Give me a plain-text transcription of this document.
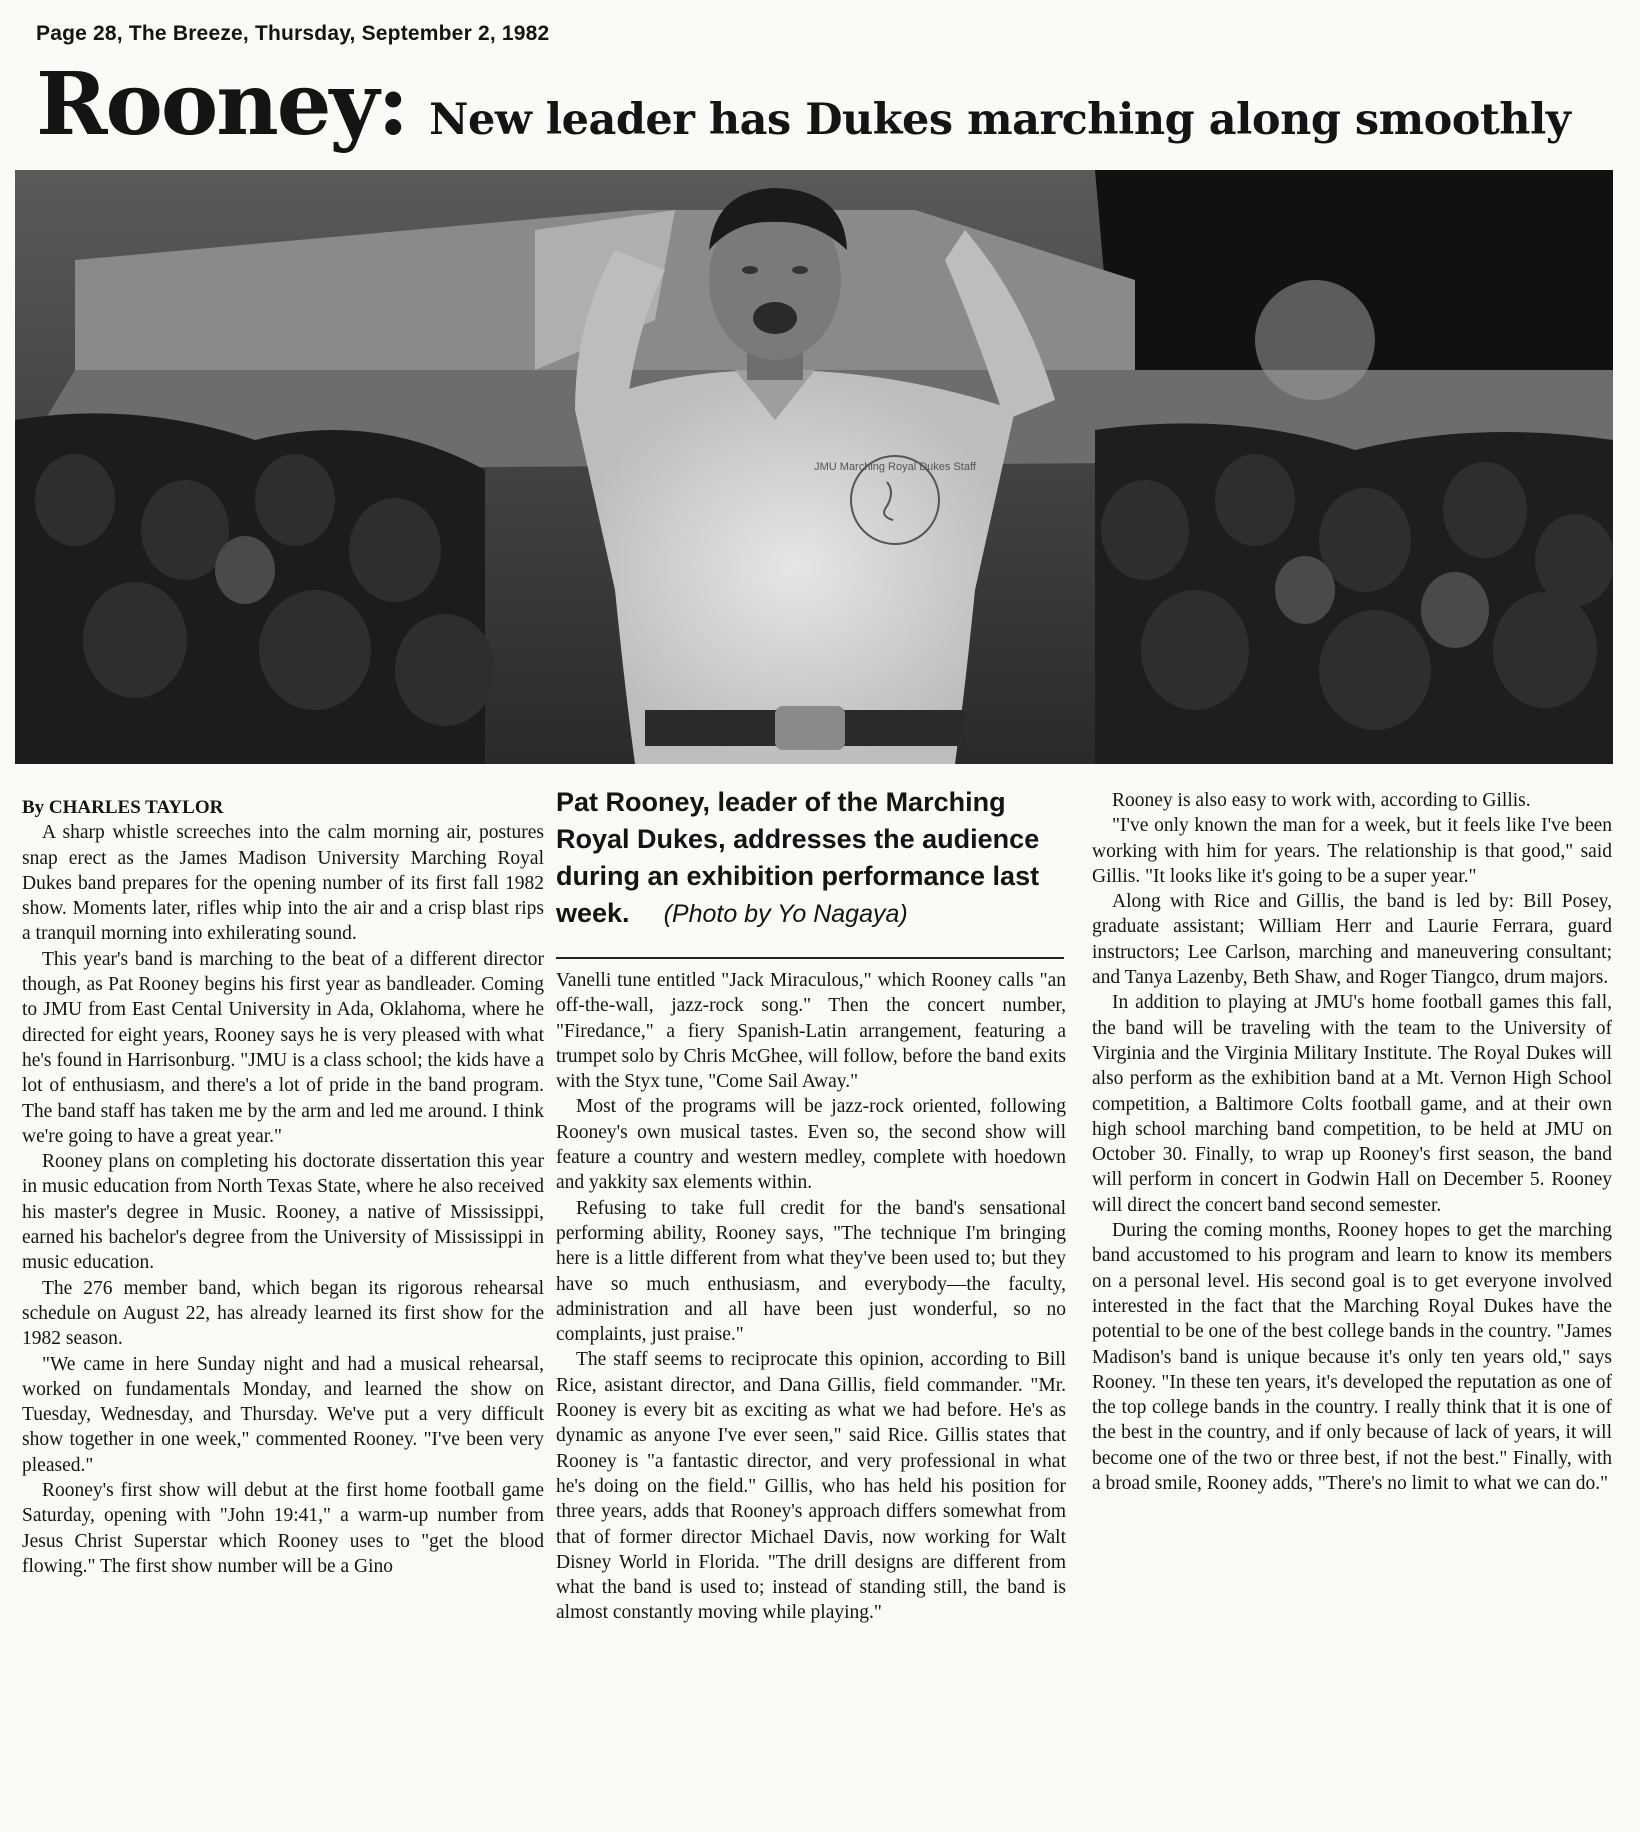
Page 28, The Breeze, Thursday, September 2, 1982
Rooney: New leader has Dukes marching along smoothly
JMU Marching Royal Dukes Staff

By CHARLES TAYLOR

A sharp whistle screeches into the calm morning air, postures snap erect as the James Madison University Marching Royal Dukes band prepares for the opening number of its first fall 1982 show. Moments later, rifles whip into the air and a crisp blast rips a tranquil morning into exhilerating sound.

This year's band is marching to the beat of a different director though, as Pat Rooney begins his first year as bandleader. Coming to JMU from East Cental University in Ada, Oklahoma, where he directed for eight years, Rooney says he is very pleased with what he's found in Harrisonburg. "JMU is a class school; the kids have a lot of enthusiasm, and there's a lot of pride in the band program. The band staff has taken me by the arm and led me around. I think we're going to have a great year."

Rooney plans on completing his doctorate dissertation this year in music education from North Texas State, where he also received his master's degree in Music. Rooney, a native of Mississippi, earned his bachelor's degree from the University of Mississippi in music education.

The 276 member band, which began its rigorous rehearsal schedule on August 22, has already learned its first show for the 1982 season.

"We came in here Sunday night and had a musical rehearsal, worked on fundamentals Monday, and learned the show on Tuesday, Wednesday, and Thursday. We've put a very difficult show together in one week," commented Rooney. "I've been very pleased."

Rooney's first show will debut at the first home football game Saturday, opening with "John 19:41," a warm-up number from Jesus Christ Superstar which Rooney uses to "get the blood flowing." The first show number will be a Gino

Pat Rooney, leader of the Marching Royal Dukes, addresses the audience during an exhibition performance last week. (Photo by Yo Nagaya)

Vanelli tune entitled "Jack Miraculous," which Rooney calls "an off-the-wall, jazz-rock song." Then the concert number, "Firedance," a fiery Spanish-Latin arrangement, featuring a trumpet solo by Chris McGhee, will follow, before the band exits with the Styx tune, "Come Sail Away."

Most of the programs will be jazz-rock oriented, following Rooney's own musical tastes. Even so, the second show will feature a country and western medley, complete with hoedown and yakkity sax elements within.

Refusing to take full credit for the band's sensational performing ability, Rooney says, "The technique I'm bringing here is a little different from what they've been used to; but they have so much enthusiasm, and everybody—the faculty, administration and all have been just wonderful, so no complaints, just praise."

The staff seems to reciprocate this opinion, according to Bill Rice, asistant director, and Dana Gillis, field commander. "Mr. Rooney is every bit as exciting as what we had before. He's as dynamic as anyone I've ever seen," said Rice. Gillis states that Rooney is "a fantastic director, and very professional in what he's doing on the field." Gillis, who has held his position for three years, adds that Rooney's approach differs somewhat from that of former director Michael Davis, now working for Walt Disney World in Florida. "The drill designs are different from what the band is used to; instead of standing still, the band is almost constantly moving while playing."

Rooney is also easy to work with, according to Gillis.

"I've only known the man for a week, but it feels like I've been working with him for years. The relationship is that good," said Gillis. "It looks like it's going to be a super year."

Along with Rice and Gillis, the band is led by: Bill Posey, graduate assistant; William Herr and Laurie Ferrara, guard instructors; Lee Carlson, marching and maneuvering consultant; and Tanya Lazenby, Beth Shaw, and Roger Tiangco, drum majors.

In addition to playing at JMU's home football games this fall, the band will be traveling with the team to the University of Virginia and the Virginia Military Institute. The Royal Dukes will also perform as the exhibition band at a Mt. Vernon High School competition, a Baltimore Colts football game, and at their own high school marching band competition, to be held at JMU on October 30. Finally, to wrap up Rooney's first season, the band will perform in concert in Godwin Hall on December 5. Rooney will direct the concert band second semester.

During the coming months, Rooney hopes to get the marching band accustomed to his program and learn to know its members on a personal level. His second goal is to get everyone involved interested in the fact that the Marching Royal Dukes have the potential to be one of the best college bands in the country. "James Madison's band is unique because it's only ten years old," says Rooney. "In these ten years, it's developed the reputation as one of the top college bands in the country. I really think that it is one of the best in the country, and if only because of lack of years, it will become one of the two or three best, if not the best." Finally, with a broad smile, Rooney adds, "There's no limit to what we can do."
